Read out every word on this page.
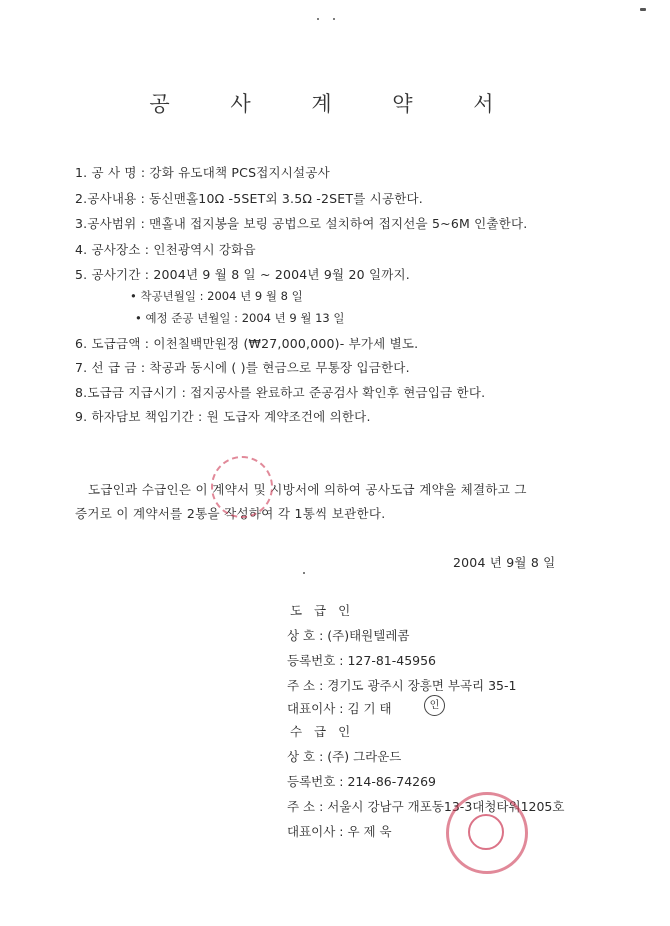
공 사 계 약 서
1. 공 사 명 : 강화 유도대책 PCS접지시설공사
2.공사내용 : 동신맨홀10Ω -5SET외 3.5Ω -2SET를 시공한다.
3.공사범위 : 맨홀내 접지봉을 보링 공법으로 설치하여 접지선을 5~6M 인출한다.
4. 공사장소 : 인천광역시 강화읍
5. 공사기간 : 2004년 9 월 8 일 ~ 2004년 9월 20 일까지.
• 착공년월일 : 2004 년 9 월 8 일
• 예정 준공 년월일 : 2004 년 9 월 13 일
6. 도급금액 : 이천칠백만원정 (₩27,000,000)- 부가세 별도.
7. 선 급 금 : 착공과 동시에 ( )를 현금으로 무통장 입금한다.
8.도급금 지급시기 : 접지공사를 완료하고 준공검사 확인후 현금입금 한다.
9. 하자담보 책임기간 : 원 도급자 계약조건에 의한다.
도급인과 수급인은 이 계약서 및 시방서에 의하여 공사도급 계약을 체결하고 그
증거로 이 계약서를 2통을 작성하여 각 1통씩 보관한다.
2004 년 9월 8 일
도 급 인
상 호 : (주)태원텔레콤
등록번호 : 127-81-45956
주 소 : 경기도 광주시 장흥면 부곡리 35-1
대표이사 : 김 기 태	인
수 급 인
상 호 : (주) 그라운드
등록번호 : 214-86-74269
주 소 : 서울시 강남구 개포동13-3대청타워1205호
대표이사 : 우 제 욱
